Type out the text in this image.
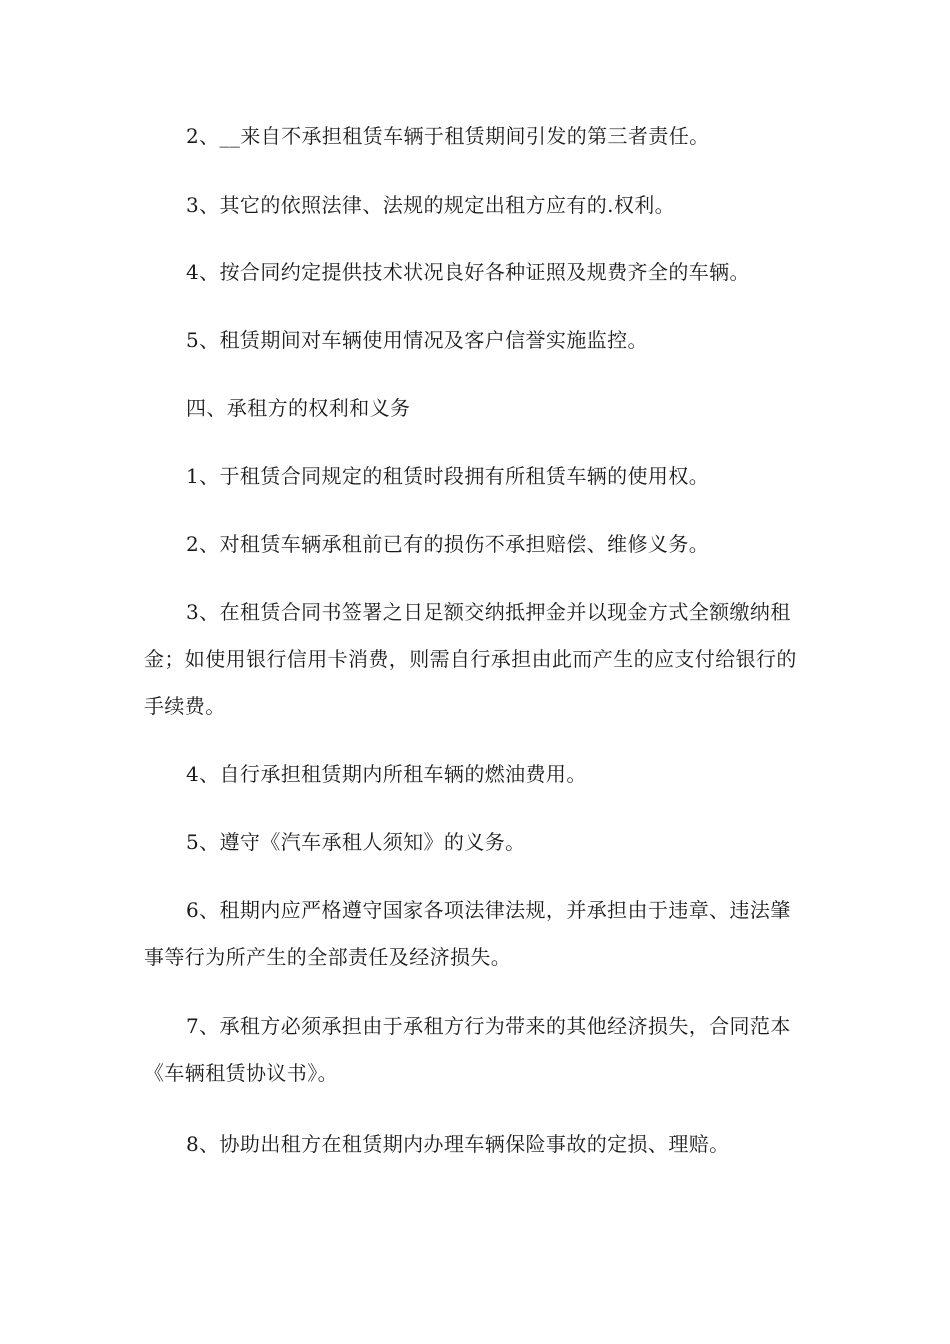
2、__来自不承担租赁车辆于租赁期间引发的第三者责任。

3、其它的依照法律、法规的规定出租方应有的.权利。

4、按合同约定提供技术状况良好各种证照及规费齐全的车辆。

5、租赁期间对车辆使用情况及客户信誉实施监控。

四、承租方的权利和义务

1、于租赁合同规定的租赁时段拥有所租赁车辆的使用权。

2、对租赁车辆承租前已有的损伤不承担赔偿、维修义务。

3、在租赁合同书签署之日足额交纳抵押金并以现金方式全额缴纳租金；如使用银行信用卡消费，则需自行承担由此而产生的应支付给银行的手续费。

4、自行承担租赁期内所租车辆的燃油费用。

5、遵守《汽车承租人须知》的义务。

6、租期内应严格遵守国家各项法律法规，并承担由于违章、违法肇事等行为所产生的全部责任及经济损失。

7、承租方必须承担由于承租方行为带来的其他经济损失，合同范本《车辆租赁协议书》。

8、协助出租方在租赁期内办理车辆保险事故的定损、理赔。
